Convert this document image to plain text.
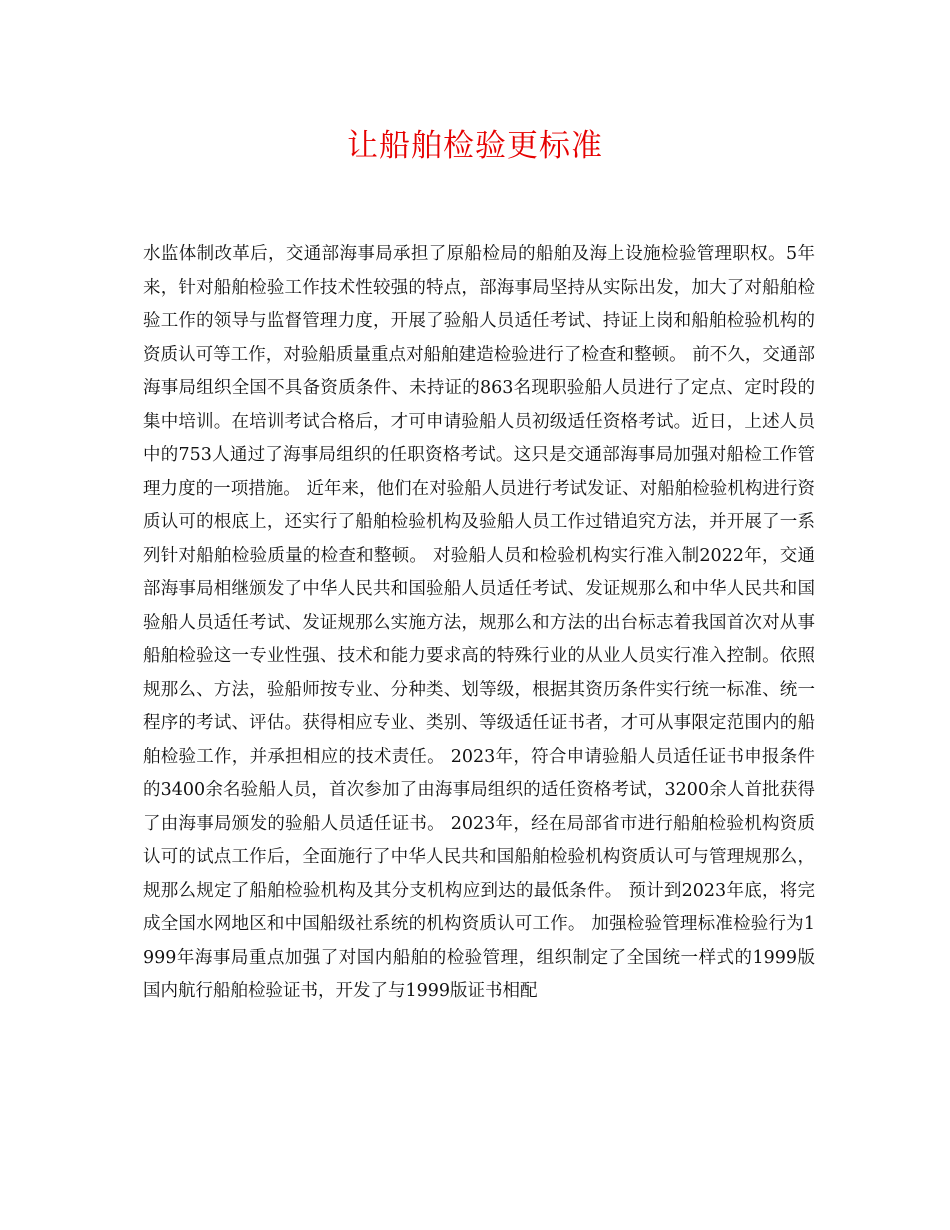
让船舶检验更标准

水监体制改革后，交通部海事局承担了原船检局的船舶及海上设施检验管理职权。5年来，针对船舶检验工作技术性较强的特点，部海事局坚持从实际出发，加大了对船舶检验工作的领导与监督管理力度，开展了验船人员适任考试、持证上岗和船舶检验机构的资质认可等工作，对验船质量重点对船舶建造检验进行了检查和整顿。 前不久，交通部海事局组织全国不具备资质条件、未持证的863名现职验船人员进行了定点、定时段的集中培训。在培训考试合格后，才可申请验船人员初级适任资格考试。近日，上述人员中的753人通过了海事局组织的任职资格考试。这只是交通部海事局加强对船检工作管理力度的一项措施。 近年来，他们在对验船人员进行考试发证、对船舶检验机构进行资质认可的根底上，还实行了船舶检验机构及验船人员工作过错追究方法，并开展了一系列针对船舶检验质量的检查和整顿。 对验船人员和检验机构实行准入制2022年，交通部海事局相继颁发了中华人民共和国验船人员适任考试、发证规那么和中华人民共和国验船人员适任考试、发证规那么实施方法，规那么和方法的出台标志着我国首次对从事船舶检验这一专业性强、技术和能力要求高的特殊行业的从业人员实行准入控制。依照规那么、方法，验船师按专业、分种类、划等级，根据其资历条件实行统一标准、统一程序的考试、评估。获得相应专业、类别、等级适任证书者，才可从事限定范围内的船舶检验工作，并承担相应的技术责任。 2023年，符合申请验船人员适任证书申报条件的3400余名验船人员，首次参加了由海事局组织的适任资格考试，3200余人首批获得了由海事局颁发的验船人员适任证书。 2023年，经在局部省市进行船舶检验机构资质认可的试点工作后，全面施行了中华人民共和国船舶检验机构资质认可与管理规那么，规那么规定了船舶检验机构及其分支机构应到达的最低条件。 预计到2023年底，将完成全国水网地区和中国船级社系统的机构资质认可工作。 加强检验管理标准检验行为1999年海事局重点加强了对国内船舶的检验管理，组织制定了全国统一样式的1999版国内航行船舶检验证书，开发了与1999版证书相配
